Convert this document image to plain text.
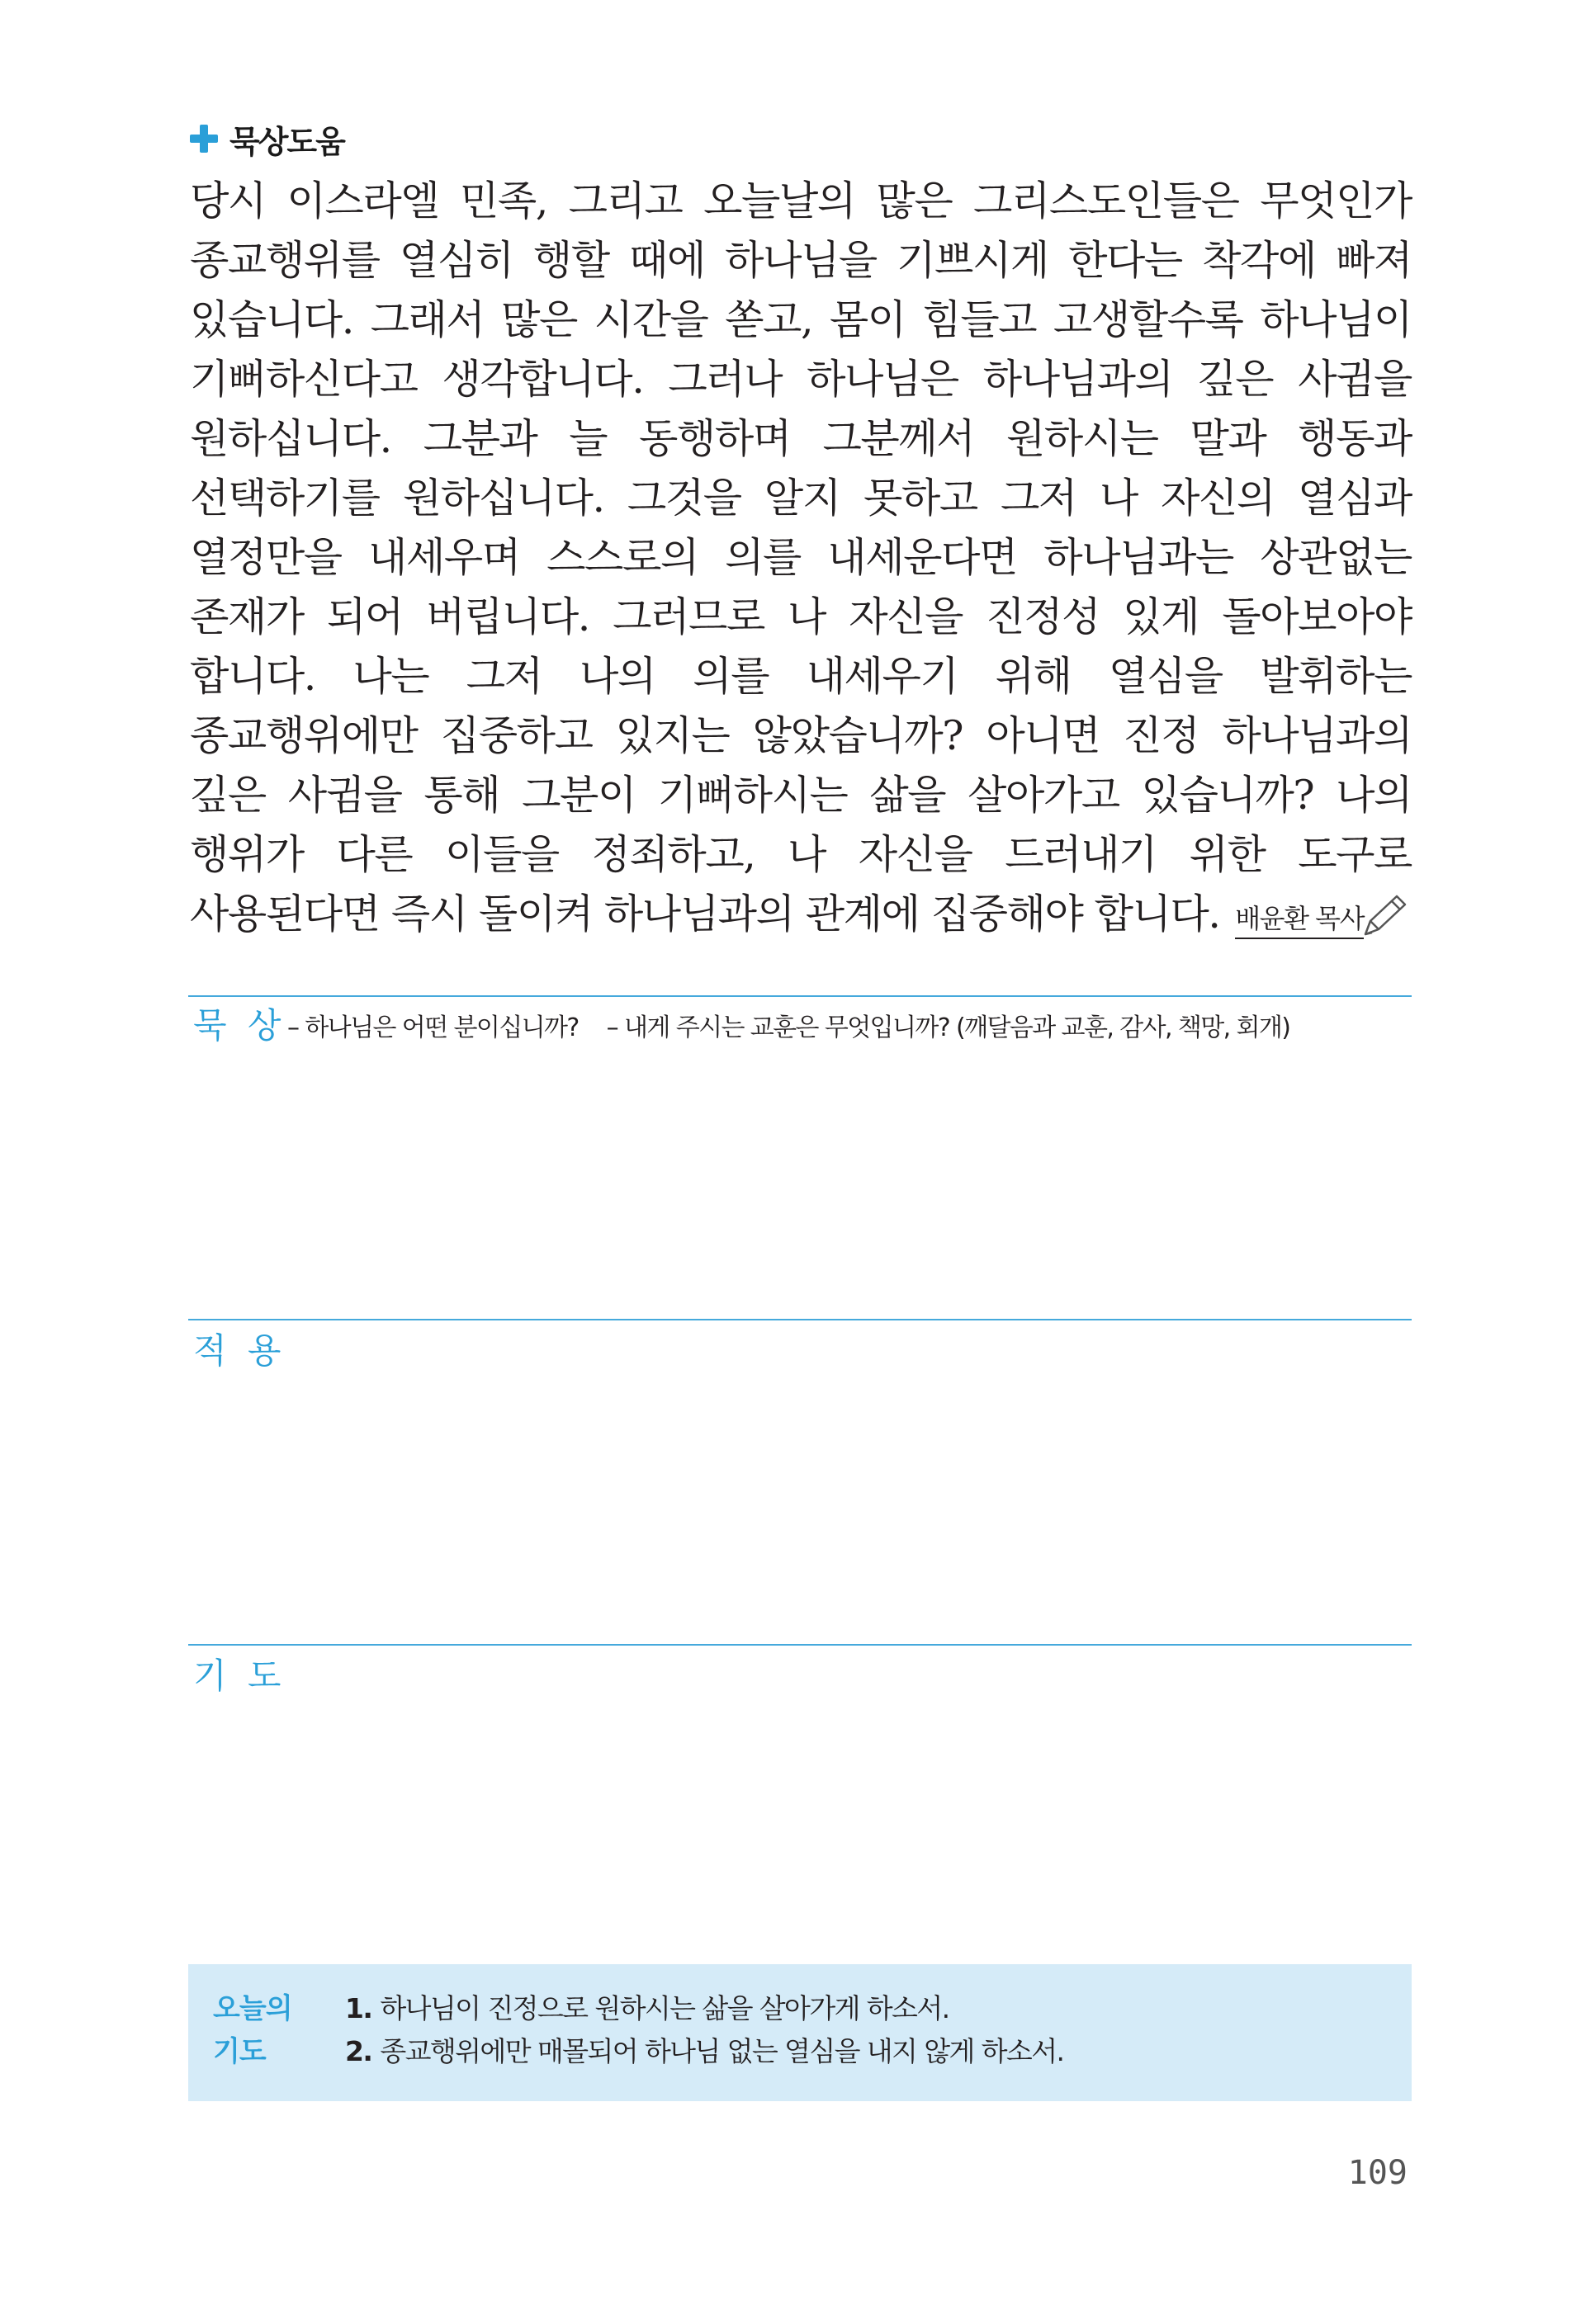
묵상도움

당시 이스라엘 민족, 그리고 오늘날의 많은 그리스도인들은 무엇인가 종교행위를 열심히 행할 때에 하나님을 기쁘시게 한다는 착각에 빠져 있습니다. 그래서 많은 시간을 쏟고, 몸이 힘들고 고생할수록 하나님이 기뻐하신다고 생각합니다. 그러나 하나님은 하나님과의 깊은 사귐을 원하십니다. 그분과 늘 동행하며 그분께서 원하시는 말과 행동과 선택하기를 원하십니다. 그것을 알지 못하고 그저 나 자신의 열심과 열정만을 내세우며 스스로의 의를 내세운다면 하나님과는 상관없는 존재가 되어 버립니다. 그러므로 나 자신을 진정성 있게 돌아보아야 합니다. 나는 그저 나의 의를 내세우기 위해 열심을 발휘하는 종교행위에만 집중하고 있지는 않았습니까? 아니면 진정 하나님과의 깊은 사귐을 통해 그분이 기뻐하시는 삶을 살아가고 있습니까? 나의 행위가 다른 이들을 정죄하고, 나 자신을 드러내기 위한 도구로 사용된다면 즉시 돌이켜 하나님과의 관계에 집중해야 합니다. 배윤환 목사
묵 상 – 하나님은 어떤 분이십니까? – 내게 주시는 교훈은 무엇입니까? (깨달음과 교훈, 감사, 책망, 회개)
적 용
기 도
오늘의
기도
1. 하나님이 진정으로 원하시는 삶을 살아가게 하소서.
2. 종교행위에만 매몰되어 하나님 없는 열심을 내지 않게 하소서.
109
